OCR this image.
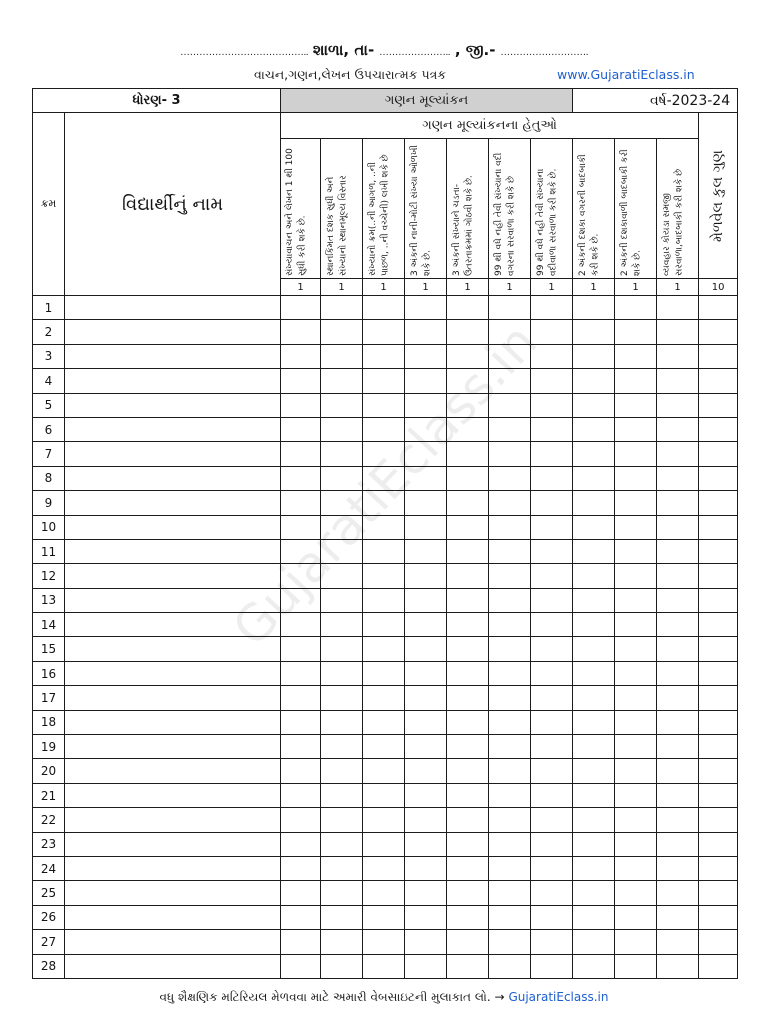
………………………………….. શાળા, તા- ………………….. , જી.- ……………………….
વાચન,ગણન,લેખન ઉપચારાત્મક પત્રક	www.GujaratiEclass.in
ધોરણ- 3		ગણન મૂલ્યાંકન							વર્ષ-2023-24			
ક્રમ	વિદ્યાર્થીનું નામ	ગણન મૂલ્યાંકનના હેતુઓ										મેળવેલ કુલ ગુણ

		સંખ્યાવાચન અને લેખન 1 થી 100 સુધી કરી શકે છે.	સ્થાનકિંમત દશક સુધી અને સંખ્યાનો સ્થાનમૂલ્ય વિસ્તાર	સંખ્યાનો ક્રમ(..ની આગળ, ..ની પાછળ, ..ની વચ્ચેની) લખી શકે છે	3 અંકની નાની-મોટી સંખ્યા ઓળખી શકે છે.	3 અંકની સંખ્યાને ચડતા-ઉતરતાક્રમમાં ગોઠવી શકે છે.	99 થી વધે નહી તેવી સંખ્યાના વદી વગરના સરવાળા કરી શકે છે	99 થી વધે નહી તેવી સંખ્યાના વદીવાળા સરવાળા કરી શકે છે.	2 અંકની દશકા વગરની બાદબાકી કરી શકે છે.	2 અંકની દશકાવાળી બાદબાકી કરી શકે છે.	વ્યવહાર કોયડા સમજી સરવાળા,બાદબાકી કરી શકે છે	

		1	1	1	1	1	1	1	1	1	1	10
1												
2												
3												
4												
5												
6												
7												
8												
9												
10												
11												
12												
13												
14												
15												
16												
17												
18												
19												
20												
21												
22												
23												
24												
25												
26												
27												
28												
GujaratiEclass.in
વધુ શૈક્ષણિક મટિરિયલ મેળવવા માટે અમારી વેબસાઇટની મુલાકાત લો. → GujaratiEclass.in
